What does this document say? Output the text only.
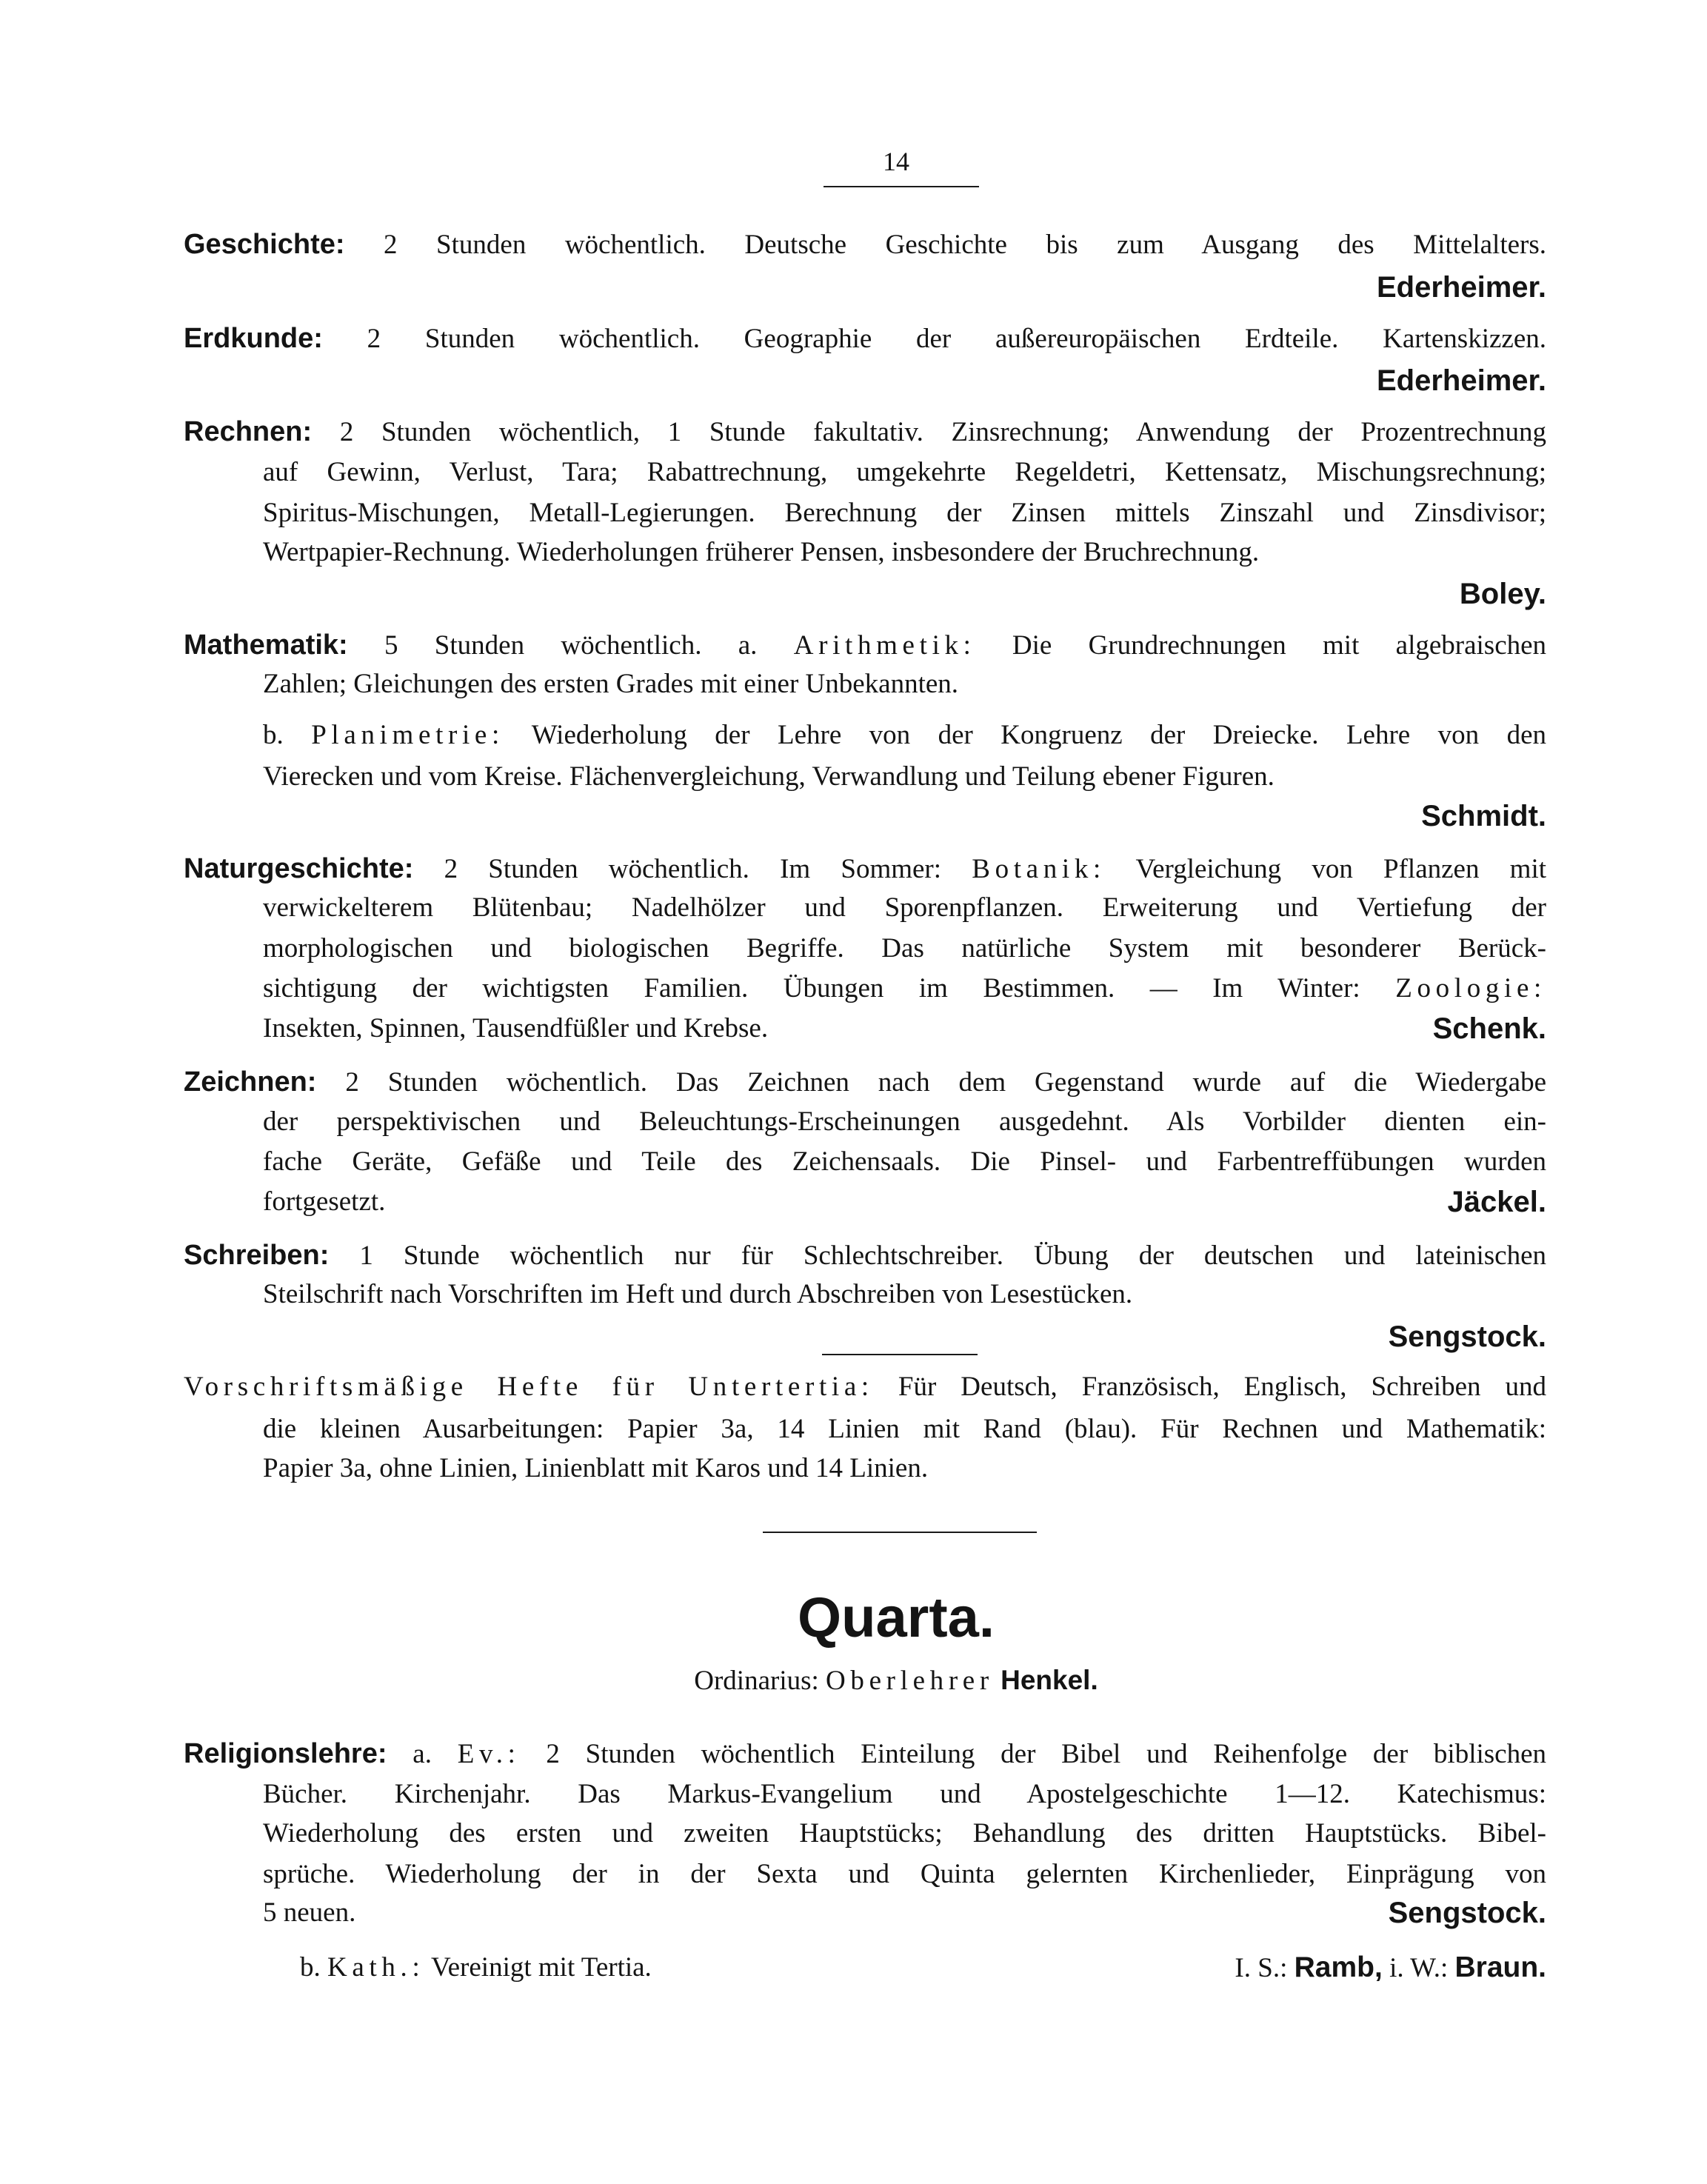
14
Geschichte: 2 Stunden wöchentlich. Deutsche Geschichte bis zum Ausgang des Mittelalters.
Ederheimer.
Erdkunde: 2 Stunden wöchentlich. Geographie der außereuropäischen Erdteile. Kartenskizzen.
Ederheimer.
Rechnen: 2 Stunden wöchentlich, 1 Stunde fakultativ. Zinsrechnung; Anwendung der Prozentrechnung
auf Gewinn, Verlust, Tara; Rabattrechnung, umgekehrte Regeldetri, Kettensatz, Mischungsrechnung;
Spiritus-Mischungen, Metall-Legierungen. Berechnung der Zinsen mittels Zinszahl und Zinsdivisor;
Wertpapier-Rechnung. Wiederholungen früherer Pensen, insbesondere der Bruchrechnung.
Boley.
Mathematik: 5 Stunden wöchentlich. a. Arithmetik: Die Grundrechnungen mit algebraischen
Zahlen; Gleichungen des ersten Grades mit einer Unbekannten.
b. Planimetrie: Wiederholung der Lehre von der Kongruenz der Dreiecke. Lehre von den
Vierecken und vom Kreise. Flächenvergleichung, Verwandlung und Teilung ebener Figuren.
Schmidt.
Naturgeschichte: 2 Stunden wöchentlich. Im Sommer: Botanik: Vergleichung von Pflanzen mit
verwickelterem Blütenbau; Nadelhölzer und Sporenpflanzen. Erweiterung und Vertiefung der
morphologischen und biologischen Begriffe. Das natürliche System mit besonderer Berück-
sichtigung der wichtigsten Familien. Übungen im Bestimmen. — Im Winter: Zoologie:
Insekten, Spinnen, Tausendfüßler und Krebse.	Schenk.
Zeichnen: 2 Stunden wöchentlich. Das Zeichnen nach dem Gegenstand wurde auf die Wiedergabe
der perspektivischen und Beleuchtungs-Erscheinungen ausgedehnt. Als Vorbilder dienten ein-
fache Geräte, Gefäße und Teile des Zeichensaals. Die Pinsel- und Farbentreffübungen wurden
fortgesetzt.	Jäckel.
Schreiben: 1 Stunde wöchentlich nur für Schlechtschreiber. Übung der deutschen und lateinischen
Steilschrift nach Vorschriften im Heft und durch Abschreiben von Lesestücken.
Sengstock.
Vorschriftsmäßige Hefte für Untertertia: Für Deutsch, Französisch, Englisch, Schreiben und
die kleinen Ausarbeitungen: Papier 3a, 14 Linien mit Rand (blau). Für Rechnen und Mathematik:
Papier 3a, ohne Linien, Linienblatt mit Karos und 14 Linien.
Quarta.
Ordinarius: Oberlehrer Henkel.
Religionslehre: a. Ev.: 2 Stunden wöchentlich Einteilung der Bibel und Reihenfolge der biblischen
Bücher. Kirchenjahr. Das Markus-Evangelium und Apostelgeschichte 1—12. Katechismus:
Wiederholung des ersten und zweiten Hauptstücks; Behandlung des dritten Hauptstücks. Bibel-
sprüche. Wiederholung der in der Sexta und Quinta gelernten Kirchenlieder, Einprägung von
5 neuen.	Sengstock.
b. Kath.: Vereinigt mit Tertia.	I. S.: Ramb, i. W.: Braun.
